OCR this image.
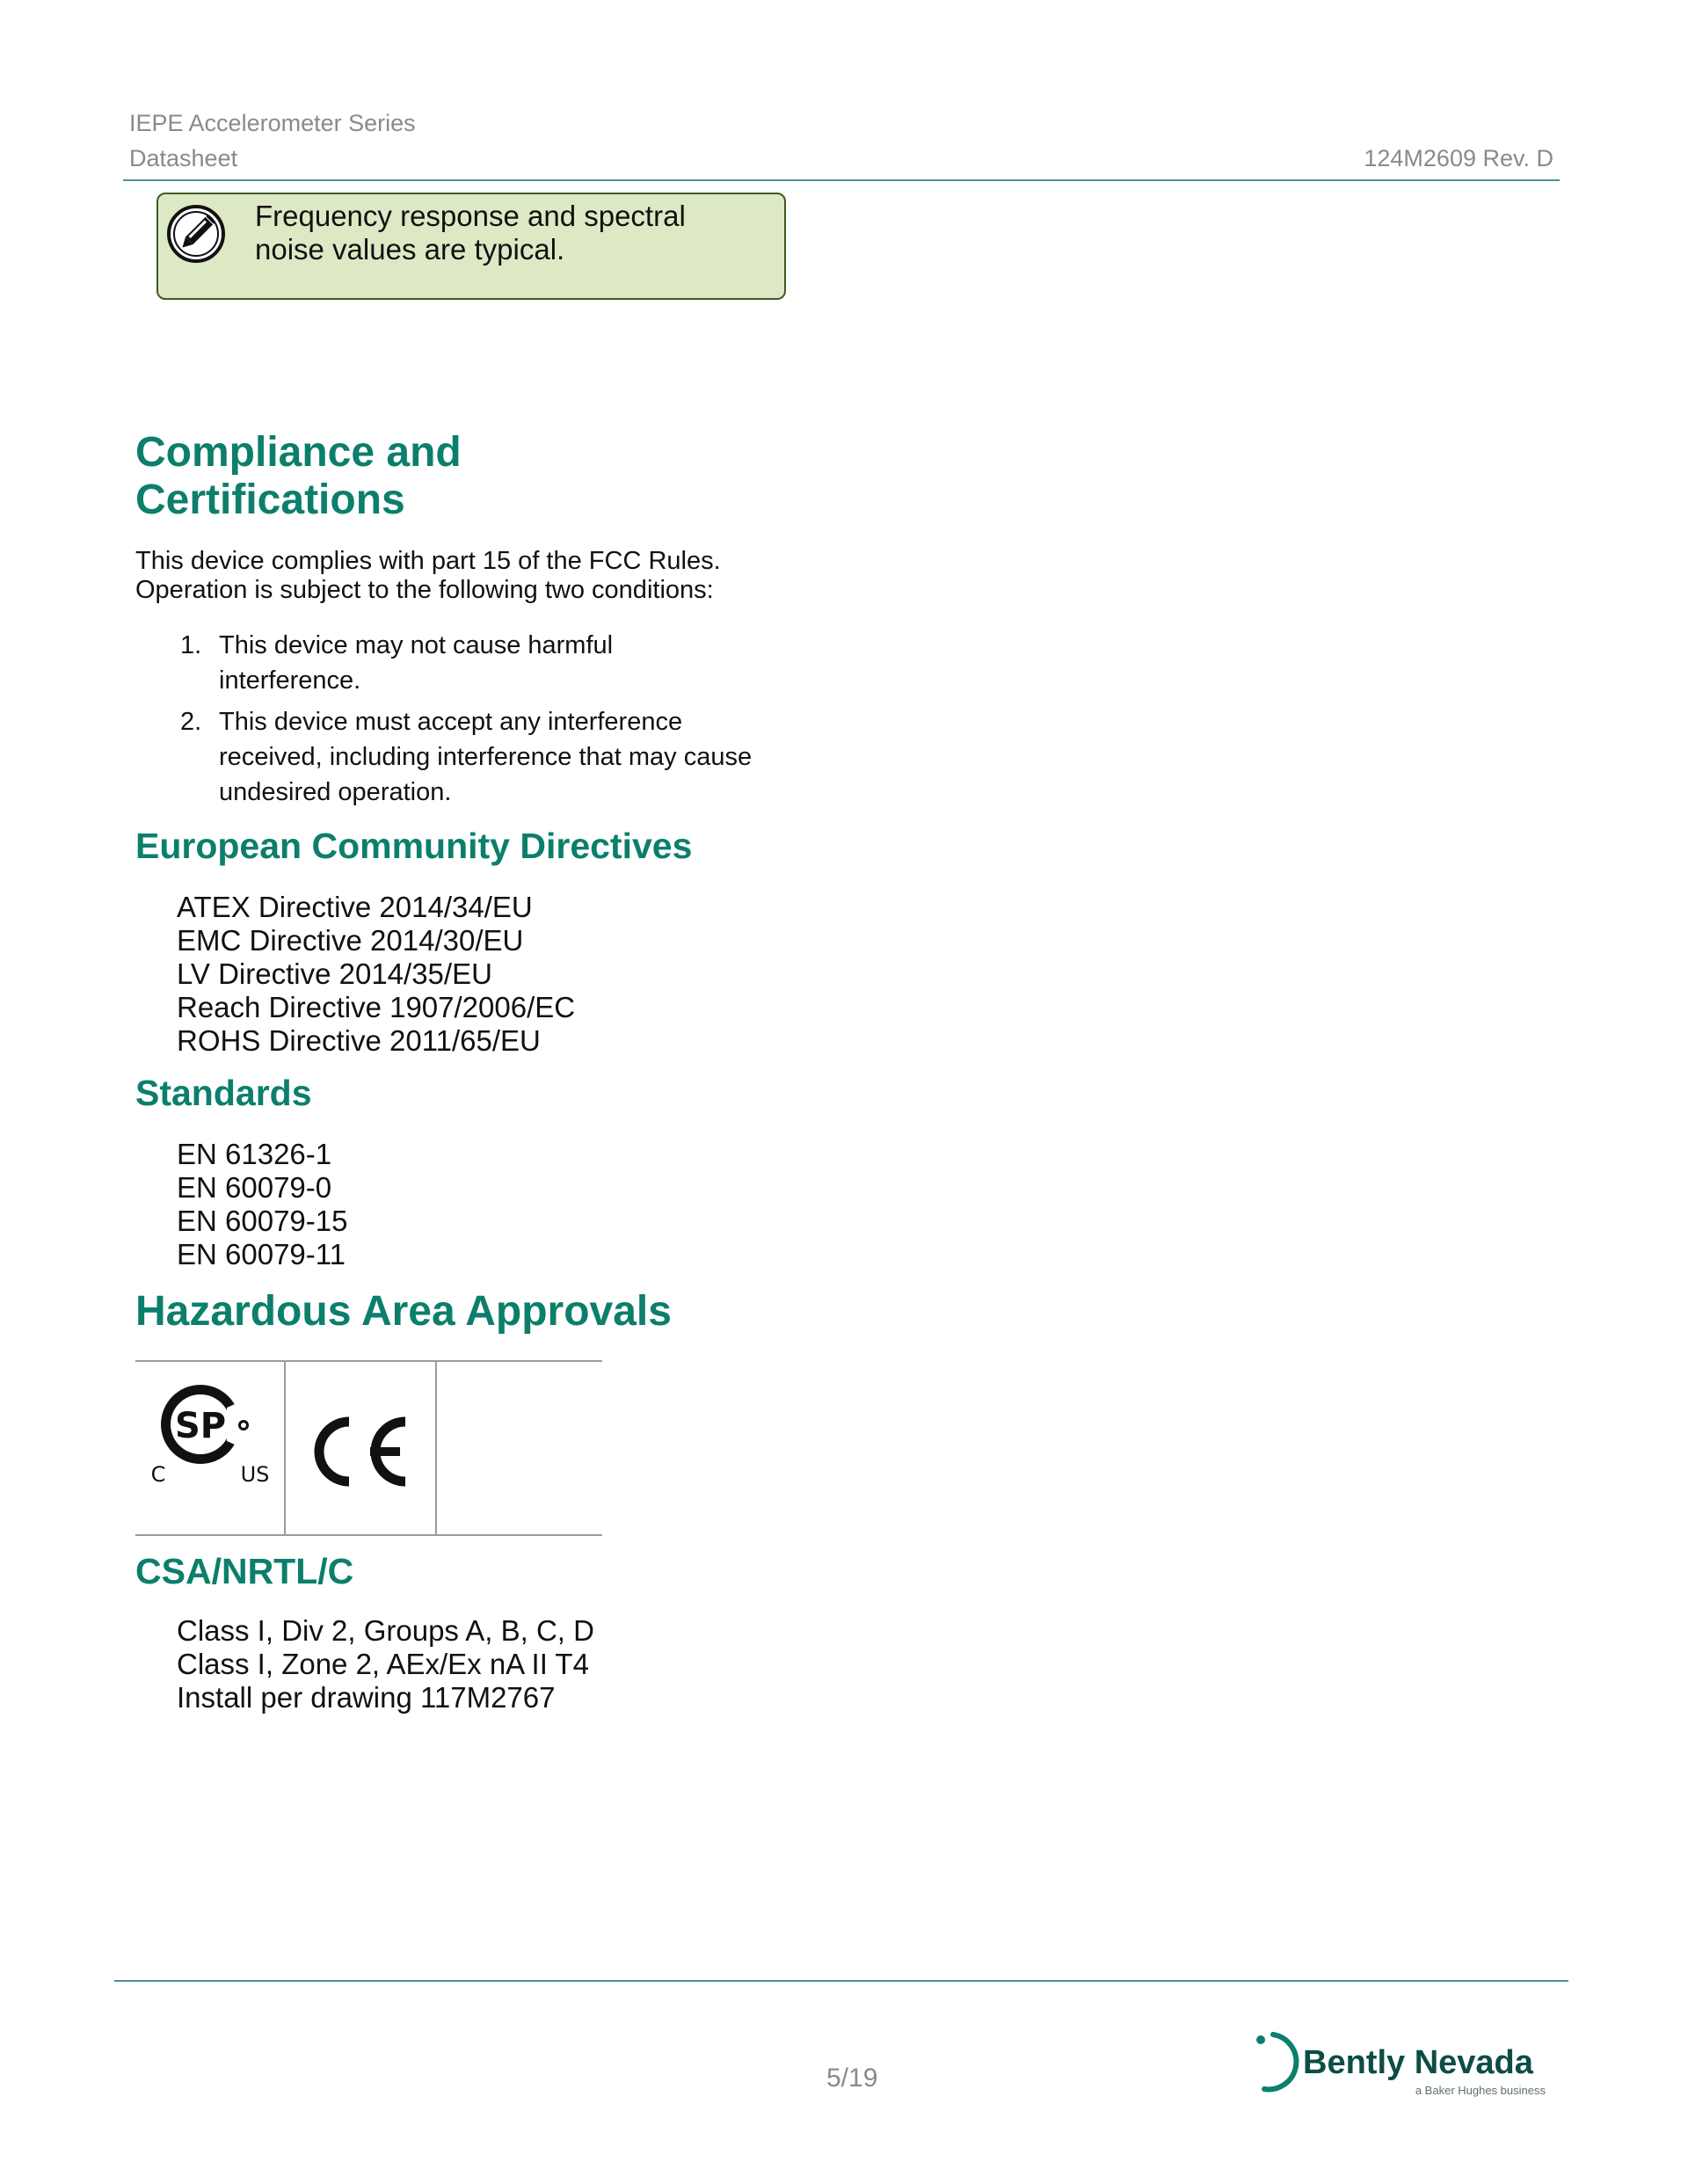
IEPE Accelerometer Series
Datasheet	124M2609 Rev. D
Frequency response and spectral noise values are typical.
Compliance and Certifications
This device complies with part 15 of the FCC Rules. Operation is subject to the following two conditions:
1. This device may not cause harmful interference.
2. This device must accept any interference received, including interference that may cause undesired operation.
European Community Directives
ATEX Directive 2014/34/EU
EMC Directive 2014/30/EU
LV Directive 2014/35/EU
Reach Directive 1907/2006/EC
ROHS Directive 2011/65/EU
Standards
EN 61326-1
EN 60079-0
EN 60079-15
EN 60079-11
Hazardous Area Approvals
SP
C	US
CSA/NRTL/C
Class I, Div 2, Groups A, B, C, D
Class I, Zone 2, AEx/Ex nA II T4
Install per drawing 117M2767
5/19	Bently Nevada
a Baker Hughes business
